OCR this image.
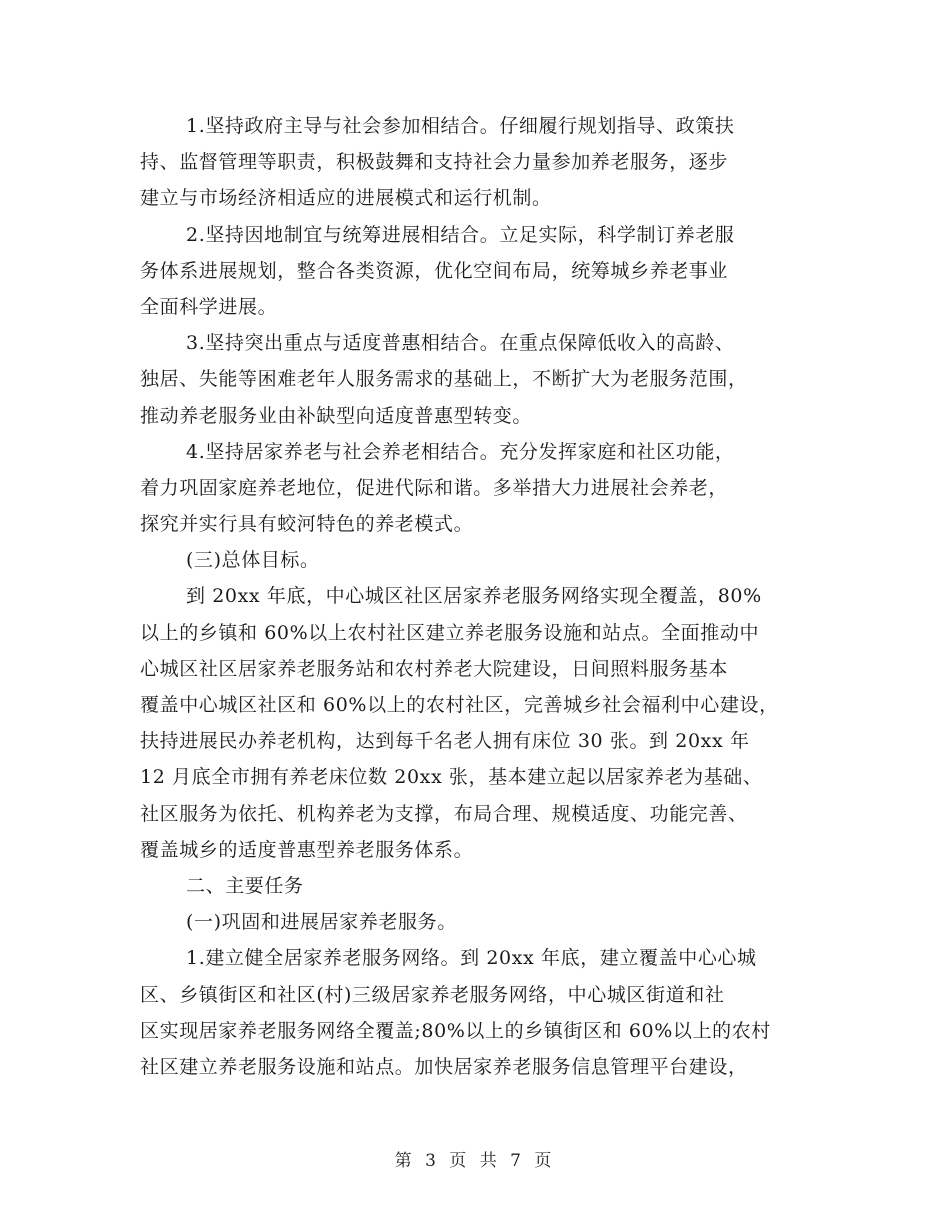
1.坚持政府主导与社会参加相结合。仔细履行规划指导、政策扶
持、监督管理等职责，积极鼓舞和支持社会力量参加养老服务，逐步
建立与市场经济相适应的进展模式和运行机制。
2.坚持因地制宜与统筹进展相结合。立足实际，科学制订养老服
务体系进展规划，整合各类资源，优化空间布局，统筹城乡养老事业
全面科学进展。
3.坚持突出重点与适度普惠相结合。在重点保障低收入的高龄、
独居、失能等困难老年人服务需求的基础上，不断扩大为老服务范围，
推动养老服务业由补缺型向适度普惠型转变。
4.坚持居家养老与社会养老相结合。充分发挥家庭和社区功能，
着力巩固家庭养老地位，促进代际和谐。多举措大力进展社会养老，
探究并实行具有蛟河特色的养老模式。
(三)总体目标。
到 20xx 年底，中心城区社区居家养老服务网络实现全覆盖，80%
以上的乡镇和 60%以上农村社区建立养老服务设施和站点。全面推动中
心城区社区居家养老服务站和农村养老大院建设，日间照料服务基本
覆盖中心城区社区和 60%以上的农村社区，完善城乡社会福利中心建设，
扶持进展民办养老机构，达到每千名老人拥有床位 30 张。到 20xx 年
12 月底全市拥有养老床位数 20xx 张，基本建立起以居家养老为基础、
社区服务为依托、机构养老为支撑，布局合理、规模适度、功能完善、
覆盖城乡的适度普惠型养老服务体系。
二、主要任务
(一)巩固和进展居家养老服务。
1.建立健全居家养老服务网络。到 20xx 年底，建立覆盖中心心城
区、乡镇街区和社区(村)三级居家养老服务网络，中心城区街道和社
区实现居家养老服务网络全覆盖;80%以上的乡镇街区和 60%以上的农村
社区建立养老服务设施和站点。加快居家养老服务信息管理平台建设，
第 3 页 共 7 页
